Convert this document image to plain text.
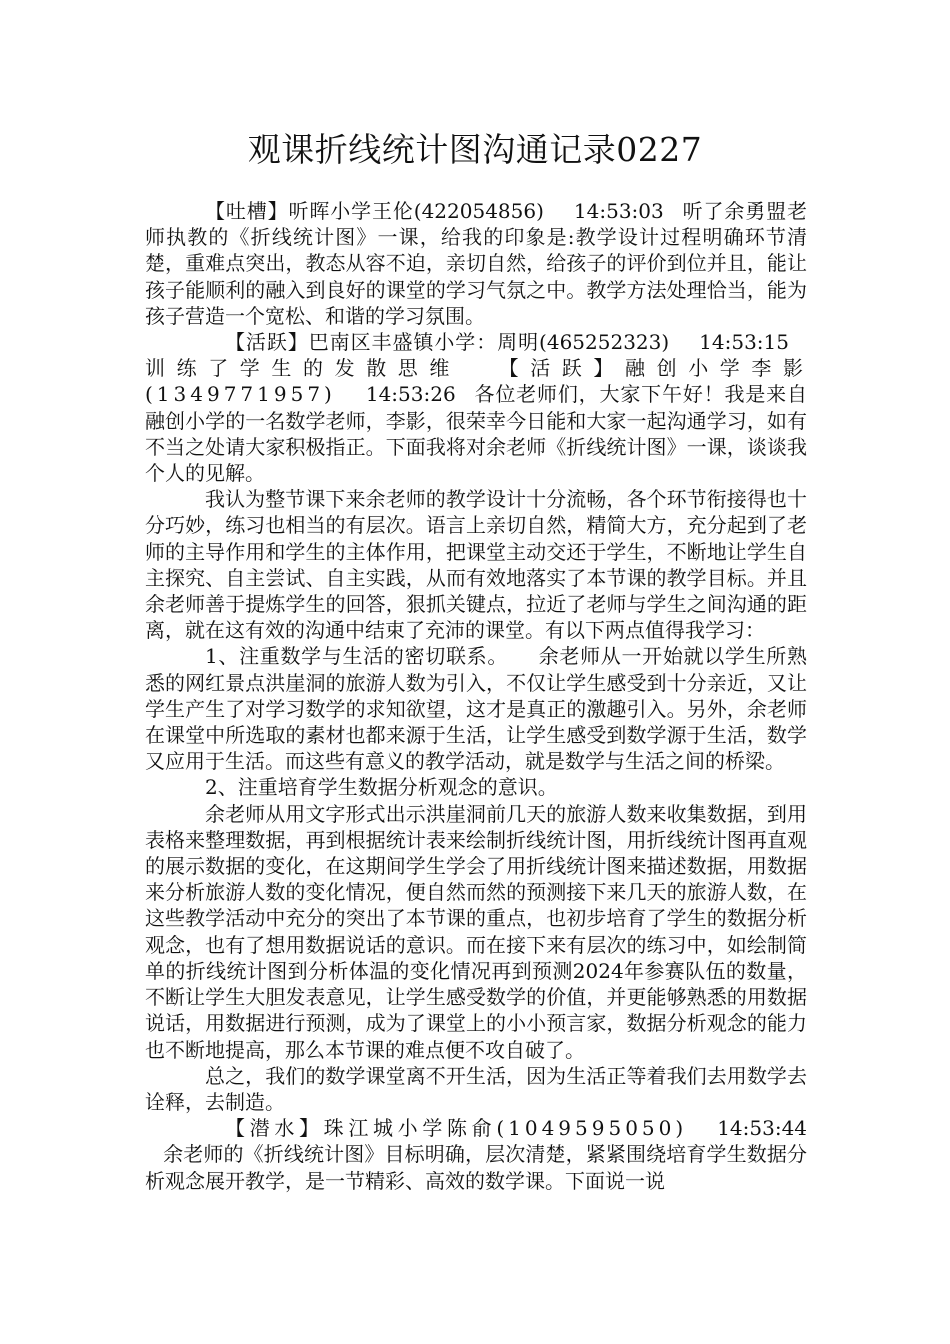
观课折线统计图沟通记录0227

【吐槽】听晖小学王伦(422054856) 14:53:03 听了余勇盟老师执教的《折线统计图》一课，给我的印象是:教学设计过程明确环节清楚，重难点突出，教态从容不迫，亲切自然，给孩子的评价到位并且，能让孩子能顺利的融入到良好的课堂的学习气氛之中。教学方法处理恰当，能为孩子营造一个宽松、和谐的学习氛围。

【活跃】巴南区丰盛镇小学：周明(465252323) 14:53:15训练了学生的发散思维 【活跃】融创小学李影(1349771957) 14:53:26 各位老师们，大家下午好！我是来自融创小学的一名数学老师，李影，很荣幸今日能和大家一起沟通学习，如有不当之处请大家积极指正。下面我将对余老师《折线统计图》一课，谈谈我个人的见解。

我认为整节课下来余老师的教学设计十分流畅，各个环节衔接得也十分巧妙，练习也相当的有层次。语言上亲切自然，精简大方，充分起到了老师的主导作用和学生的主体作用，把课堂主动交还于学生，不断地让学生自主探究、自主尝试、自主实践，从而有效地落实了本节课的教学目标。并且余老师善于提炼学生的回答，狠抓关键点，拉近了老师与学生之间沟通的距离，就在这有效的沟通中结束了充沛的课堂。有以下两点值得我学习：

1、注重数学与生活的密切联系。 余老师从一开始就以学生所熟悉的网红景点洪崖洞的旅游人数为引入，不仅让学生感受到十分亲近，又让学生产生了对学习数学的求知欲望，这才是真正的激趣引入。另外，余老师在课堂中所选取的素材也都来源于生活，让学生感受到数学源于生活，数学又应用于生活。而这些有意义的教学活动，就是数学与生活之间的桥梁。

2、注重培育学生数据分析观念的意识。

余老师从用文字形式出示洪崖洞前几天的旅游人数来收集数据，到用表格来整理数据，再到根据统计表来绘制折线统计图，用折线统计图再直观的展示数据的变化，在这期间学生学会了用折线统计图来描述数据，用数据来分析旅游人数的变化情况，便自然而然的预测接下来几天的旅游人数，在这些教学活动中充分的突出了本节课的重点，也初步培育了学生的数据分析观念，也有了想用数据说话的意识。而在接下来有层次的练习中，如绘制简单的折线统计图到分析体温的变化情况再到预测2024年参赛队伍的数量，不断让学生大胆发表意见，让学生感受数学的价值，并更能够熟悉的用数据说话，用数据进行预测，成为了课堂上的小小预言家，数据分析观念的能力也不断地提高，那么本节课的难点便不攻自破了。

总之，我们的数学课堂离不开生活，因为生活正等着我们去用数学去诠释，去制造。

【潜水】珠江城小学陈俞(1049595050) 14:53:44余老师的《折线统计图》目标明确，层次清楚，紧紧围绕培育学生数据分析观念展开教学，是一节精彩、高效的数学课。下面说一说
